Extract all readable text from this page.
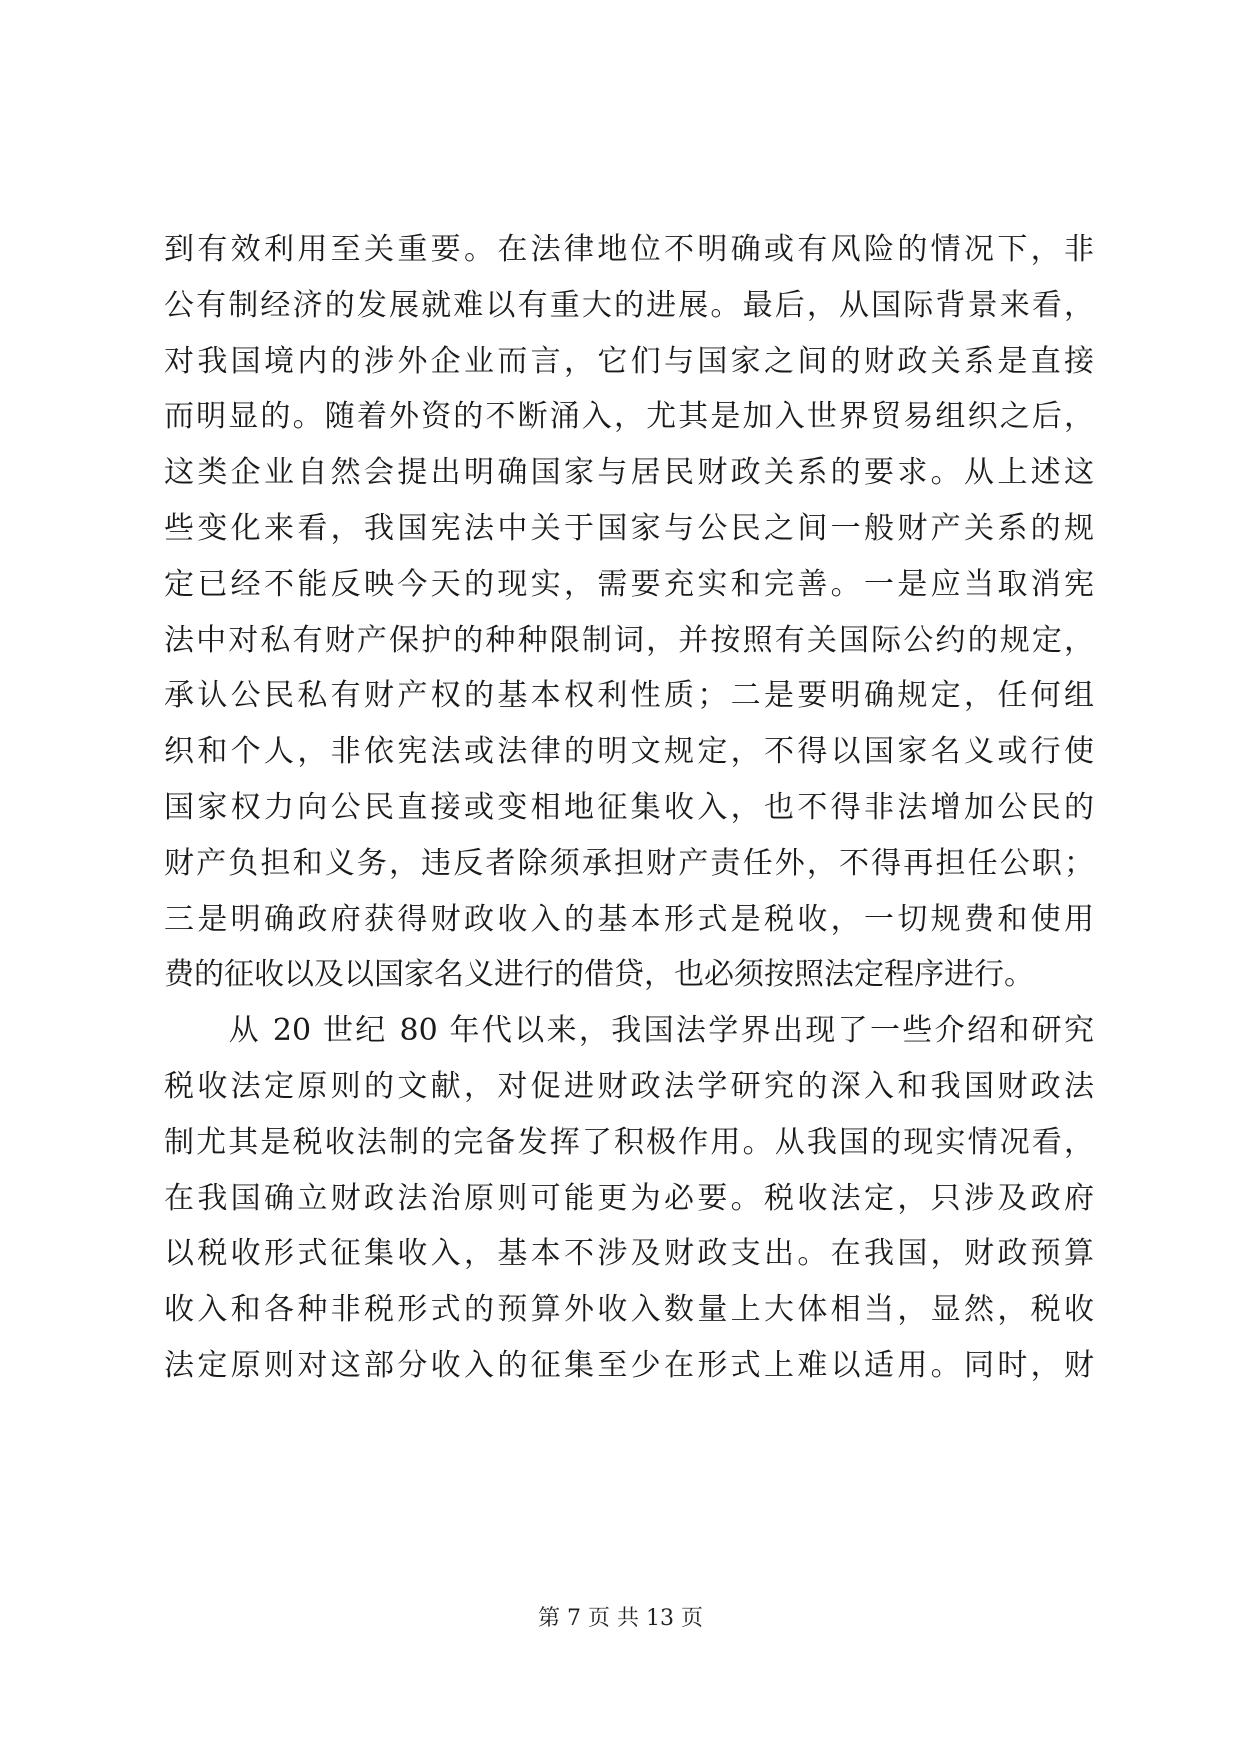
到有效利用至关重要。在法律地位不明确或有风险的情况下，非
公有制经济的发展就难以有重大的进展。最后，从国际背景来看，
对我国境内的涉外企业而言，它们与国家之间的财政关系是直接
而明显的。随着外资的不断涌入，尤其是加入世界贸易组织之后，
这类企业自然会提出明确国家与居民财政关系的要求。从上述这
些变化来看，我国宪法中关于国家与公民之间一般财产关系的规
定已经不能反映今天的现实，需要充实和完善。一是应当取消宪
法中对私有财产保护的种种限制词，并按照有关国际公约的规定，
承认公民私有财产权的基本权利性质；二是要明确规定，任何组
织和个人，非依宪法或法律的明文规定，不得以国家名义或行使
国家权力向公民直接或变相地征集收入，也不得非法增加公民的
财产负担和义务，违反者除须承担财产责任外，不得再担任公职；
三是明确政府获得财政收入的基本形式是税收，一切规费和使用
费的征收以及以国家名义进行的借贷，也必须按照法定程序进行。
　　从 20 世纪 80 年代以来，我国法学界出现了一些介绍和研究
税收法定原则的文献，对促进财政法学研究的深入和我国财政法
制尤其是税收法制的完备发挥了积极作用。从我国的现实情况看，
在我国确立财政法治原则可能更为必要。税收法定，只涉及政府
以税收形式征集收入，基本不涉及财政支出。在我国，财政预算
收入和各种非税形式的预算外收入数量上大体相当，显然，税收
法定原则对这部分收入的征集至少在形式上难以适用。同时，财
第 7 页 共 13 页
